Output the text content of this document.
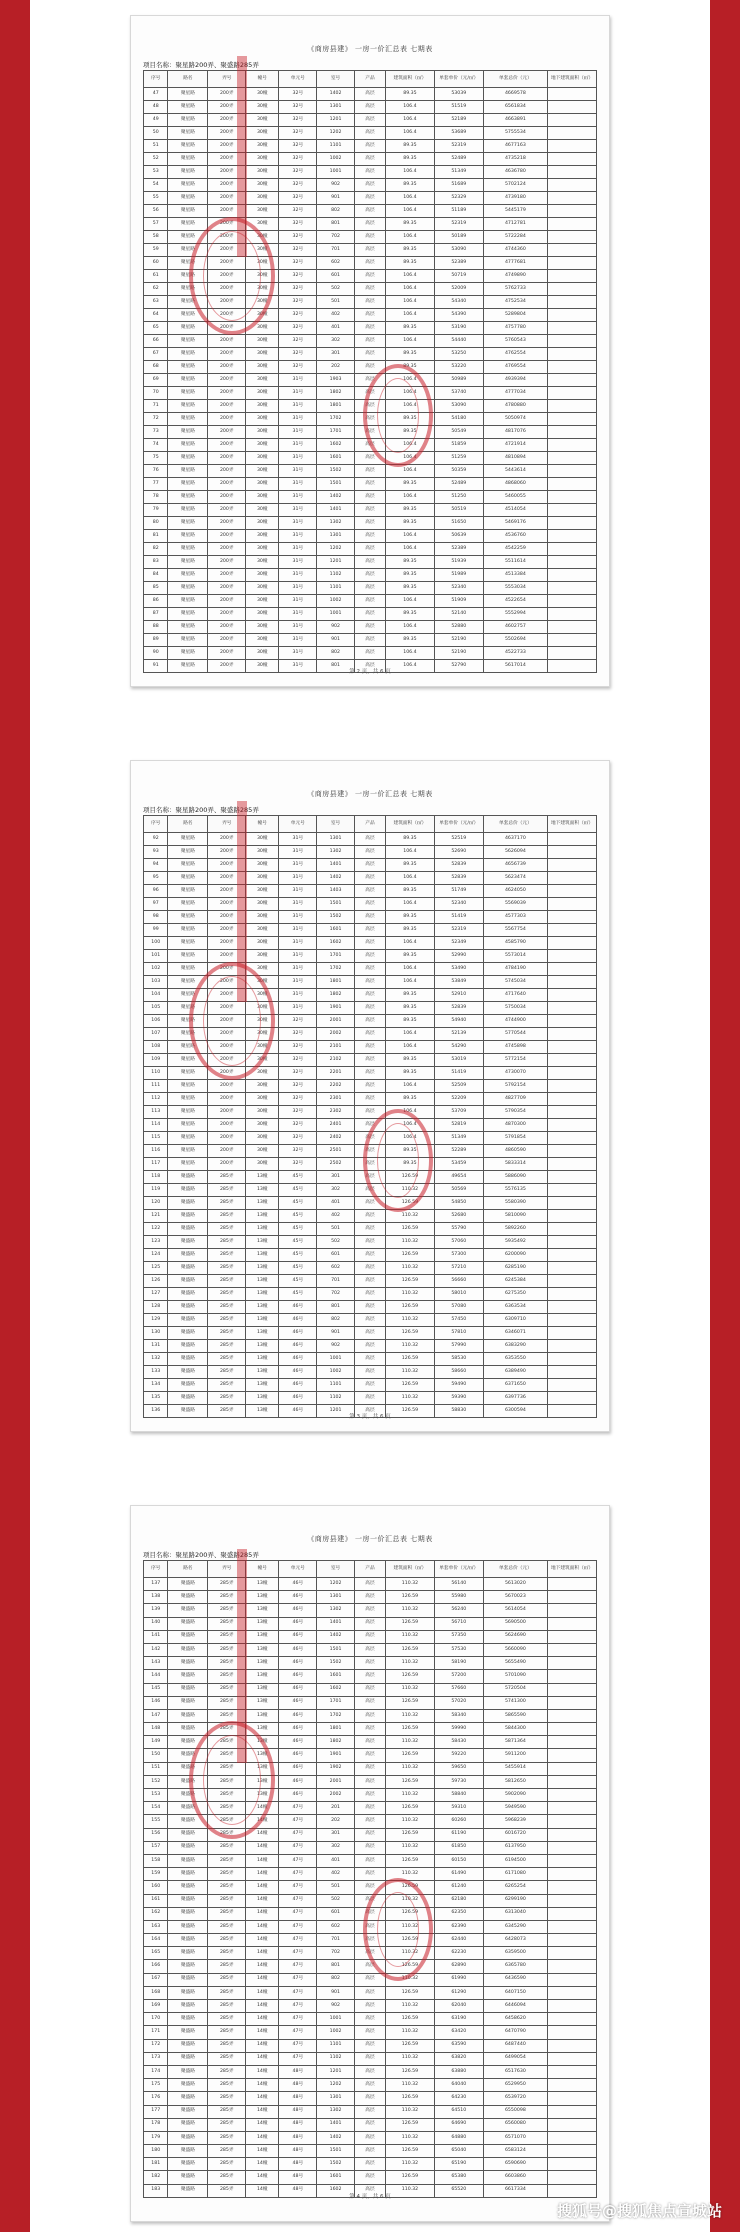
《商房县建》 一房一价汇总表 七期表
项目名称：聚星路200弄、聚盛路285弄
序号	路名	弄号	幢号	单元号	室号	产品	建筑面积（㎡）	单套单价（元/㎡）	单套总价（元）	地下建筑面积（㎡）
47	聚星路	200弄	30幢	32号	1402	高层	89.35	53039	4669578	
48	聚星路	200弄	30幢	32号	1301	高层	106.4	51519	6561834	
49	聚星路	200弄	30幢	32号	1201	高层	106.4	52189	4663891	
50	聚星路	200弄	30幢	32号	1202	高层	106.4	53689	5755534	
51	聚星路	200弄	30幢	32号	1101	高层	89.35	52319	4677163	
52	聚星路	200弄	30幢	32号	1002	高层	89.35	52489	4735218	
53	聚星路	200弄	30幢	32号	1001	高层	106.4	51349	4636780	
54	聚星路	200弄	30幢	32号	902	高层	89.35	51689	5702124	
55	聚星路	200弄	30幢	32号	901	高层	106.4	52329	4739180	
56	聚星路	200弄	30幢	32号	802	高层	106.4	51189	5445179	
57	聚星路	200弄	30幢	32号	801	高层	89.35	52319	4712781	
58	聚星路	200弄	30幢	32号	702	高层	106.4	50189	5722284	
59	聚星路	200弄	30幢	32号	701	高层	89.35	53090	4744360	
60	聚星路	200弄	30幢	32号	602	高层	89.35	52389	4777681	
61	聚星路	200弄	30幢	32号	601	高层	106.4	50719	4749890	
62	聚星路	200弄	30幢	32号	502	高层	106.4	52009	5762733	
63	聚星路	200弄	30幢	32号	501	高层	106.4	54340	4752534	
64	聚星路	200弄	30幢	32号	402	高层	106.4	54390	5289804	
65	聚星路	200弄	30幢	32号	401	高层	89.35	53190	4757780	
66	聚星路	200弄	30幢	32号	302	高层	106.4	54440	5760543	
67	聚星路	200弄	30幢	32号	301	高层	89.35	53250	4762554	
68	聚星路	200弄	30幢	32号	202	高层	89.35	53220	4769554	
69	聚星路	200弄	30幢	31号	1903	高层	106.4	50989	4939394	
70	聚星路	200弄	30幢	31号	1802	高层	106.4	53740	4777034	
71	聚星路	200弄	30幢	31号	1801	高层	106.4	53090	4780880	
72	聚星路	200弄	30幢	31号	1702	高层	89.35	54180	5050974	
73	聚星路	200弄	30幢	31号	1701	高层	89.35	50549	4817076	
74	聚星路	200弄	30幢	31号	1602	高层	106.4	51859	4721914	
75	聚星路	200弄	30幢	31号	1601	高层	106.4	51259	4810894	
76	聚星路	200弄	30幢	31号	1502	高层	106.4	50359	5443614	
77	聚星路	200弄	30幢	31号	1501	高层	89.35	52489	4868060	
78	聚星路	200弄	30幢	31号	1402	高层	106.4	51250	5460055	
79	聚星路	200弄	30幢	31号	1401	高层	89.35	50519	4514054	
80	聚星路	200弄	30幢	31号	1302	高层	89.35	51650	5469176	
81	聚星路	200弄	30幢	31号	1301	高层	106.4	50639	4536760	
82	聚星路	200弄	30幢	31号	1202	高层	106.4	52389	4542259	
83	聚星路	200弄	30幢	31号	1201	高层	89.35	51939	5511614	
84	聚星路	200弄	30幢	31号	1102	高层	89.35	51989	4513384	
85	聚星路	200弄	30幢	31号	1101	高层	89.35	52340	5553034	
86	聚星路	200弄	30幢	31号	1002	高层	106.4	51909	4522654	
87	聚星路	200弄	30幢	31号	1001	高层	89.35	52140	5552994	
88	聚星路	200弄	30幢	31号	902	高层	106.4	52880	4602757	
89	聚星路	200弄	30幢	31号	901	高层	89.35	52190	5502694	
90	聚星路	200弄	30幢	31号	802	高层	106.4	52190	4522733	
91	聚星路	200弄	30幢	31号	801	高层	106.4	52790	5617014	
第 2 页，共 6 页
《商房县建》 一房一价汇总表 七期表
项目名称：聚星路200弄、聚盛路285弄
序号	路名	弄号	幢号	单元号	室号	产品	建筑面积（㎡）	单套单价（元/㎡）	单套总价（元）	地下建筑面积（㎡）
92	聚星路	200弄	30幢	31号	1301	高层	89.35	52519	4637170	
93	聚星路	200弄	30幢	31号	1302	高层	106.4	52690	5626094	
94	聚星路	200弄	30幢	31号	1401	高层	89.35	52839	4656739	
95	聚星路	200弄	30幢	31号	1402	高层	106.4	52839	5623474	
96	聚星路	200弄	30幢	31号	1403	高层	89.35	51749	4624050	
97	聚星路	200弄	30幢	31号	1501	高层	106.4	52340	5569039	
98	聚星路	200弄	30幢	31号	1502	高层	89.35	51419	4577303	
99	聚星路	200弄	30幢	31号	1601	高层	89.35	52319	5567754	
100	聚星路	200弄	30幢	31号	1602	高层	106.4	52349	4585790	
101	聚星路	200弄	30幢	31号	1701	高层	89.35	52990	5573014	
102	聚星路	200弄	30幢	31号	1702	高层	106.4	53490	4784190	
103	聚星路	200弄	30幢	31号	1801	高层	106.4	53849	5745034	
104	聚星路	200弄	30幢	31号	1802	高层	89.35	52910	4717640	
105	聚星路	200弄	30幢	31号	1901	高层	89.35	52839	5750034	
106	聚星路	200弄	30幢	32号	2001	高层	89.35	54940	4744900	
107	聚星路	200弄	30幢	32号	2002	高层	106.4	52139	5770544	
108	聚星路	200弄	30幢	32号	2101	高层	106.4	54290	4745898	
109	聚星路	200弄	30幢	32号	2102	高层	89.35	53019	5772154	
110	聚星路	200弄	30幢	32号	2201	高层	89.35	51419	4730070	
111	聚星路	200弄	30幢	32号	2202	高层	106.4	52509	5792154	
112	聚星路	200弄	30幢	32号	2301	高层	89.35	52209	4827709	
113	聚星路	200弄	30幢	32号	2302	高层	106.4	53709	5790354	
114	聚星路	200弄	30幢	32号	2401	高层	106.4	52819	4870300	
115	聚星路	200弄	30幢	32号	2402	高层	106.4	51349	5791854	
116	聚星路	200弄	30幢	32号	2501	高层	89.35	52289	4860590	
117	聚星路	200弄	30幢	32号	2502	高层	89.35	53459	5833314	
118	聚盛路	285弄	13幢	45号	301	高层	126.59	49654	5886090	
119	聚盛路	285弄	13幢	45号	302	高层	110.32	50569	5576135	
120	聚盛路	285弄	13幢	45号	401	高层	126.59	54850	5580390	
121	聚盛路	285弄	13幢	45号	402	高层	110.32	52680	5810090	
122	聚盛路	285弄	13幢	45号	501	高层	126.59	55790	5892260	
123	聚盛路	285弄	13幢	45号	502	高层	110.32	57060	5935492	
124	聚盛路	285弄	13幢	45号	601	高层	126.59	57300	6200090	
125	聚盛路	285弄	13幢	45号	602	高层	110.32	57210	6285190	
126	聚盛路	285弄	13幢	45号	701	高层	126.59	56660	6245384	
127	聚盛路	285弄	13幢	45号	702	高层	110.32	58010	6275350	
128	聚盛路	285弄	13幢	46号	801	高层	126.59	57080	6363534	
129	聚盛路	285弄	13幢	46号	802	高层	110.32	57450	6309710	
130	聚盛路	285弄	13幢	46号	901	高层	126.59	57810	6346071	
131	聚盛路	285弄	13幢	46号	902	高层	110.32	57990	6383290	
132	聚盛路	285弄	13幢	46号	1001	高层	126.59	58530	6353550	
133	聚盛路	285弄	13幢	46号	1002	高层	110.32	58660	6389490	
134	聚盛路	285弄	13幢	46号	1101	高层	126.59	59490	6371650	
135	聚盛路	285弄	13幢	46号	1102	高层	110.32	59390	6397736	
136	聚盛路	285弄	13幢	46号	1201	高层	126.59	58830	6300594	
第 3 页，共 6 页
《商房县建》 一房一价汇总表 七期表
项目名称：聚星路200弄、聚盛路285弄
序号	路名	弄号	幢号	单元号	室号	产品	建筑面积（㎡）	单套单价（元/㎡）	单套总价（元）	地下建筑面积（㎡）
137	聚盛路	285弄	13幢	46号	1202	高层	110.32	56140	5613020	
138	聚盛路	285弄	13幢	46号	1301	高层	126.59	55980	5670023	
139	聚盛路	285弄	13幢	46号	1302	高层	110.32	56240	5614054	
140	聚盛路	285弄	13幢	46号	1401	高层	126.59	56710	5690500	
141	聚盛路	285弄	13幢	46号	1402	高层	110.32	57350	5624690	
142	聚盛路	285弄	13幢	46号	1501	高层	126.59	57530	5660090	
143	聚盛路	285弄	13幢	46号	1502	高层	110.32	58190	5655490	
144	聚盛路	285弄	13幢	46号	1601	高层	126.59	57200	5701090	
145	聚盛路	285弄	13幢	46号	1602	高层	110.32	57660	5720504	
146	聚盛路	285弄	13幢	46号	1701	高层	126.59	57020	5741300	
147	聚盛路	285弄	13幢	46号	1702	高层	110.32	58340	5865590	
148	聚盛路	285弄	13幢	46号	1801	高层	126.59	59990	5844300	
149	聚盛路	285弄	13幢	46号	1802	高层	110.32	58430	5871364	
150	聚盛路	285弄	13幢	46号	1901	高层	126.59	59220	5911200	
151	聚盛路	285弄	13幢	46号	1902	高层	110.32	59650	5455914	
152	聚盛路	285弄	13幢	46号	2001	高层	126.59	59730	5812650	
153	聚盛路	285弄	13幢	46号	2002	高层	110.32	58840	5902090	
154	聚盛路	285弄	14幢	47号	201	高层	126.59	59310	5949590	
155	聚盛路	285弄	14幢	47号	202	高层	110.32	60260	5968239	
156	聚盛路	285弄	14幢	47号	301	高层	126.59	61190	6016720	
157	聚盛路	285弄	14幢	47号	302	高层	110.32	61850	6137950	
158	聚盛路	285弄	14幢	47号	401	高层	126.59	60150	6194500	
159	聚盛路	285弄	14幢	47号	402	高层	110.32	61490	6171080	
160	聚盛路	285弄	14幢	47号	501	高层	126.59	61240	6265254	
161	聚盛路	285弄	14幢	47号	502	高层	110.32	62180	6299190	
162	聚盛路	285弄	14幢	47号	601	高层	126.59	62350	6313040	
163	聚盛路	285弄	14幢	47号	602	高层	110.32	62390	6345290	
164	聚盛路	285弄	14幢	47号	701	高层	126.59	62440	6428073	
165	聚盛路	285弄	14幢	47号	702	高层	110.32	62230	6359500	
166	聚盛路	285弄	14幢	47号	801	高层	126.59	62890	6365780	
167	聚盛路	285弄	14幢	47号	802	高层	110.32	61990	6436590	
168	聚盛路	285弄	14幢	47号	901	高层	126.59	61290	6407150	
169	聚盛路	285弄	14幢	47号	902	高层	110.32	62040	6446094	
170	聚盛路	285弄	14幢	47号	1001	高层	126.59	63190	6458620	
171	聚盛路	285弄	14幢	47号	1002	高层	110.32	63420	6470790	
172	聚盛路	285弄	14幢	47号	1101	高层	126.59	63590	6487440	
173	聚盛路	285弄	14幢	47号	1102	高层	110.32	63820	6499054	
174	聚盛路	285弄	14幢	48号	1201	高层	126.59	63880	6517630	
175	聚盛路	285弄	14幢	48号	1202	高层	110.32	64040	6529950	
176	聚盛路	285弄	14幢	48号	1301	高层	126.59	64230	6539720	
177	聚盛路	285弄	14幢	48号	1302	高层	110.32	64510	6550098	
178	聚盛路	285弄	14幢	48号	1401	高层	126.59	64690	6560080	
179	聚盛路	285弄	14幢	48号	1402	高层	110.32	64880	6571070	
180	聚盛路	285弄	14幢	48号	1501	高层	126.59	65040	6583124	
181	聚盛路	285弄	14幢	48号	1502	高层	110.32	65190	6590690	
182	聚盛路	285弄	14幢	48号	1601	高层	126.59	65380	6603860	
183	聚盛路	285弄	14幢	48号	1602	高层	110.32	65520	6617334	
第 4 页，共 6 页
搜狐号@搜狐焦点宣城站
